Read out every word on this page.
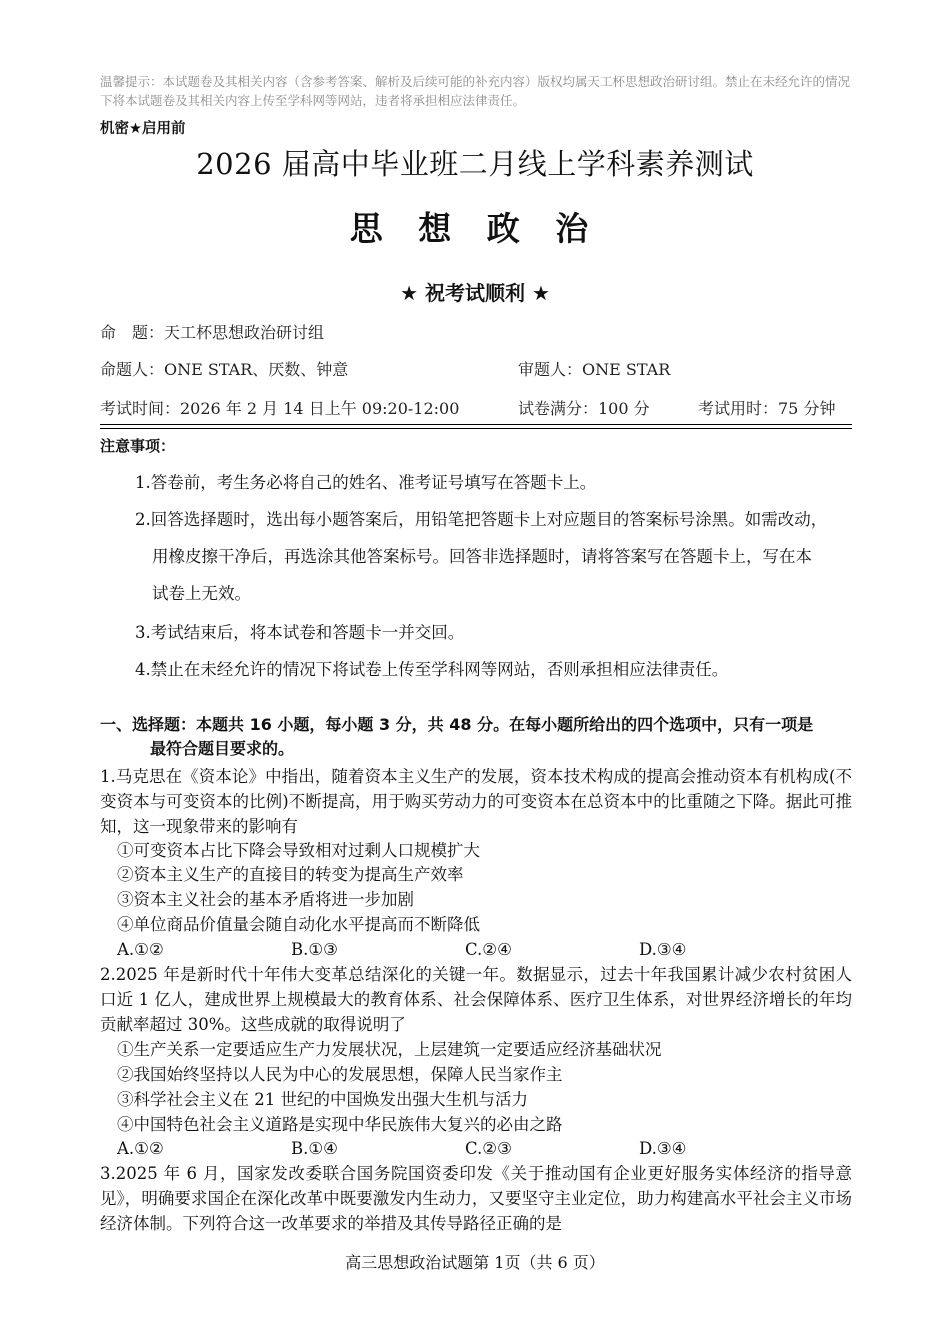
温馨提示：本试题卷及其相关内容（含参考答案、解析及后续可能的补充内容）版权均属天工杯思想政治研讨组。禁止在未经允许的情况下将本试题卷及其相关内容上传至学科网等网站，违者将承担相应法律责任。
机密★启用前
2026 届高中毕业班二月线上学科素养测试
思 想 政 治
★ 祝考试顺利 ★
命　题：天工杯思想政治研讨组
命题人：ONE STAR、厌数、钟意	审题人：ONE STAR
考试时间：2026 年 2 月 14 日上午 09:20-12:00	试卷满分：100 分	考试用时：75 分钟
注意事项：
1.答卷前，考生务必将自己的姓名、准考证号填写在答题卡上。
2.回答选择题时，选出每小题答案后，用铅笔把答题卡上对应题目的答案标号涂黑。如需改动，
用橡皮擦干净后，再选涂其他答案标号。回答非选择题时，请将答案写在答题卡上，写在本
试卷上无效。
3.考试结束后，将本试卷和答题卡一并交回。
4.禁止在未经允许的情况下将试卷上传至学科网等网站，否则承担相应法律责任。
一、选择题：本题共 16 小题，每小题 3 分，共 48 分。在每小题所给出的四个选项中，只有一项是
最符合题目要求的。
1.马克思在《资本论》中指出，随着资本主义生产的发展，资本技术构成的提高会推动资本有机构成(不变资本与可变资本的比例)不断提高，用于购买劳动力的可变资本在总资本中的比重随之下降。据此可推知，这一现象带来的影响有
①可变资本占比下降会导致相对过剩人口规模扩大
②资本主义生产的直接目的转变为提高生产效率
③资本主义社会的基本矛盾将进一步加剧
④单位商品价值量会随自动化水平提高而不断降低
A.①②	B.①③	C.②④	D.③④
2.2025 年是新时代十年伟大变革总结深化的关键一年。数据显示，过去十年我国累计减少农村贫困人口近 1 亿人，建成世界上规模最大的教育体系、社会保障体系、医疗卫生体系，对世界经济增长的年均贡献率超过 30%。这些成就的取得说明了
①生产关系一定要适应生产力发展状况，上层建筑一定要适应经济基础状况
②我国始终坚持以人民为中心的发展思想，保障人民当家作主
③科学社会主义在 21 世纪的中国焕发出强大生机与活力
④中国特色社会主义道路是实现中华民族伟大复兴的必由之路
A.①②	B.①④	C.②③	D.③④
3.2025 年 6 月，国家发改委联合国务院国资委印发《关于推动国有企业更好服务实体经济的指导意见》，明确要求国企在深化改革中既要激发内生动力，又要坚守主业定位，助力构建高水平社会主义市场经济体制。下列符合这一改革要求的举措及其传导路径正确的是
高三思想政治试题第 1页（共 6 页）
